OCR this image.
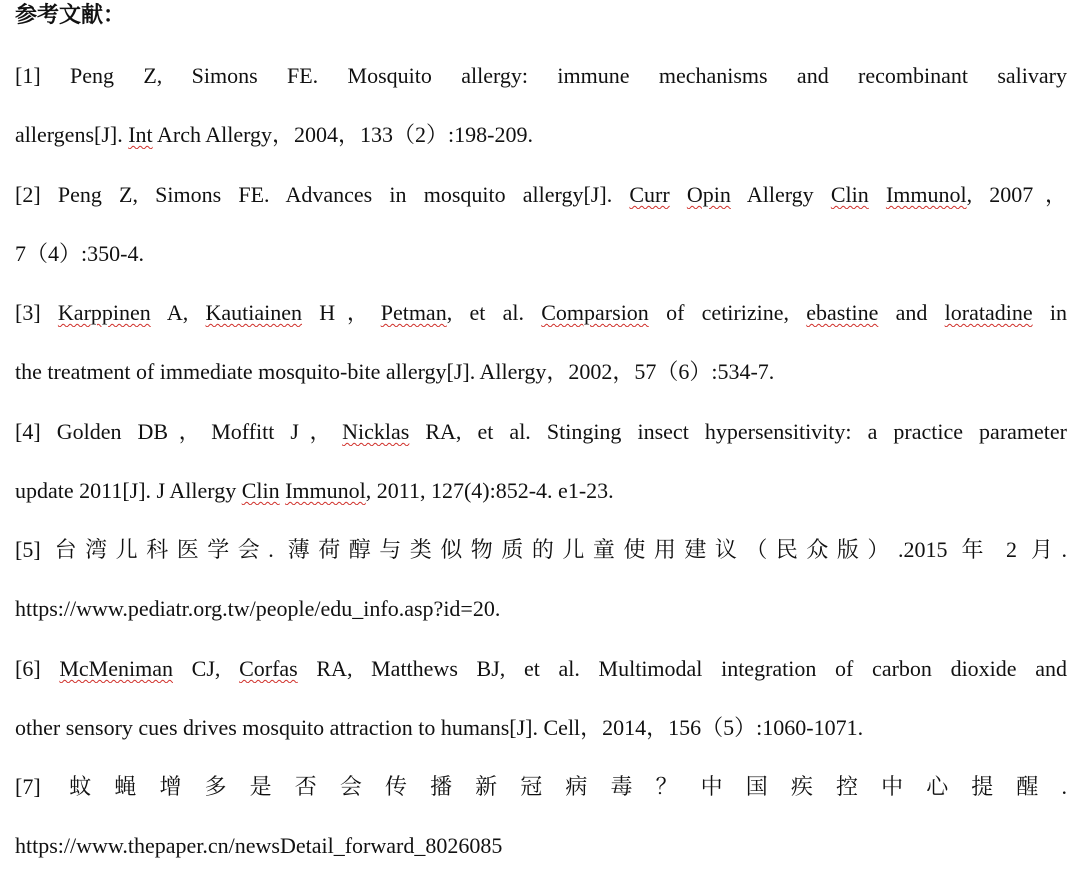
参考文献：
[1] Peng Z, Simons FE. Mosquito allergy: immune mechanisms and recombinant salivary
allergens[J]. Int Arch Allergy，2004，133（2）:198-209.
[2] Peng Z, Simons FE. Advances in mosquito allergy[J]. Curr Opin Allergy Clin Immunol, 2007，
7（4）:350-4.
[3] Karppinen A, Kautiainen H，Petman, et al. Comparsion of cetirizine, ebastine and loratadine in
the treatment of immediate mosquito-bite allergy[J]. Allergy，2002，57（6）:534-7.
[4] Golden DB，Moffitt J，Nicklas RA, et al. Stinging insect hypersensitivity: a practice parameter
update 2011[J]. J Allergy Clin Immunol, 2011, 127(4):852-4. e1-23.
[5] 台湾儿科医学会. 薄荷醇与类似物质的儿童使用建议（民众版）.2015 年 2 月.
https://www.pediatr.org.tw/people/edu_info.asp?id=20.
[6] McMeniman CJ, Corfas RA, Matthews BJ, et al. Multimodal integration of carbon dioxide and
other sensory cues drives mosquito attraction to humans[J]. Cell，2014，156（5）:1060-1071.
[7] 蚊蝇增多是否会传播新冠病毒？中国疾控中心提醒.
https://www.thepaper.cn/newsDetail_forward_8026085
